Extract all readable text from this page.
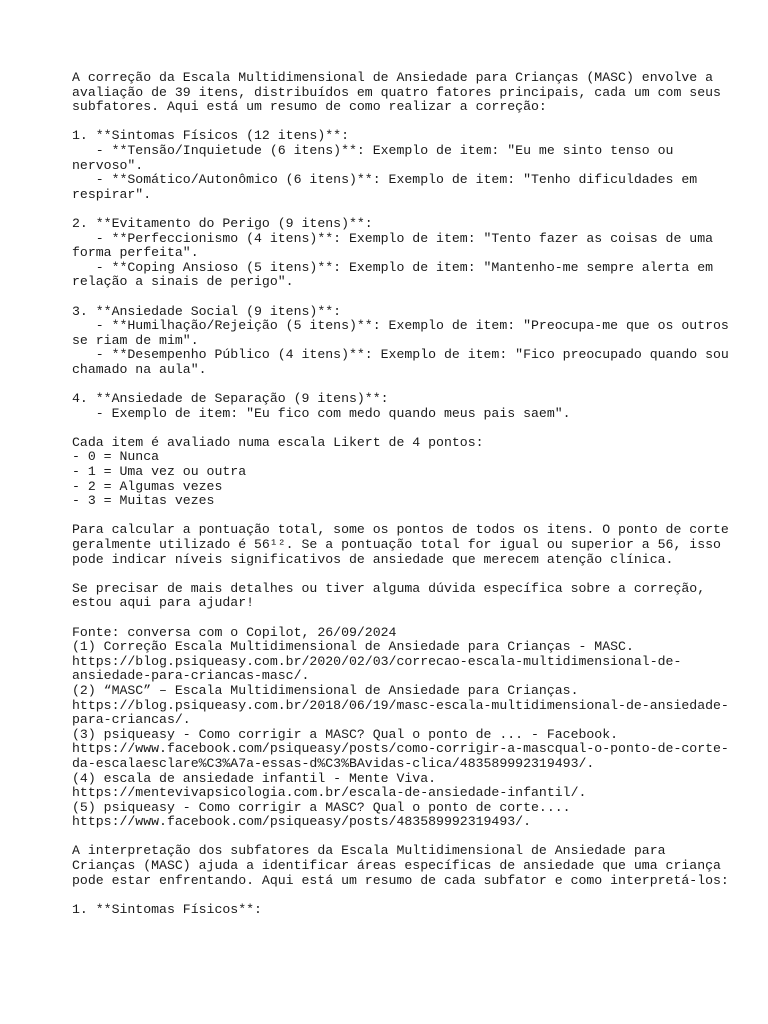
A correção da Escala Multidimensional de Ansiedade para Crianças (MASC) envolve a
avaliação de 39 itens, distribuídos em quatro fatores principais, cada um com seus
subfatores. Aqui está um resumo de como realizar a correção:
1. **Sintomas Físicos (12 itens)**:
- **Tensão/Inquietude (6 itens)**: Exemplo de item: "Eu me sinto tenso ou
nervoso".
- **Somático/Autonômico (6 itens)**: Exemplo de item: "Tenho dificuldades em
respirar".
2. **Evitamento do Perigo (9 itens)**:
- **Perfeccionismo (4 itens)**: Exemplo de item: "Tento fazer as coisas de uma
forma perfeita".
- **Coping Ansioso (5 itens)**: Exemplo de item: "Mantenho-me sempre alerta em
relação a sinais de perigo".
3. **Ansiedade Social (9 itens)**:
- **Humilhação/Rejeição (5 itens)**: Exemplo de item: "Preocupa-me que os outros
se riam de mim".
- **Desempenho Público (4 itens)**: Exemplo de item: "Fico preocupado quando sou
chamado na aula".
4. **Ansiedade de Separação (9 itens)**:
- Exemplo de item: "Eu fico com medo quando meus pais saem".
Cada item é avaliado numa escala Likert de 4 pontos:
- 0 = Nunca
- 1 = Uma vez ou outra
- 2 = Algumas vezes
- 3 = Muitas vezes
Para calcular a pontuação total, some os pontos de todos os itens. O ponto de corte
geralmente utilizado é 56¹². Se a pontuação total for igual ou superior a 56, isso
pode indicar níveis significativos de ansiedade que merecem atenção clínica.
Se precisar de mais detalhes ou tiver alguma dúvida específica sobre a correção,
estou aqui para ajudar!
Fonte: conversa com o Copilot, 26/09/2024
(1) Correção Escala Multidimensional de Ansiedade para Crianças - MASC.
https://blog.psiqueasy.com.br/2020/02/03/correcao-escala-multidimensional-de-
ansiedade-para-criancas-masc/.
(2) “MASC” – Escala Multidimensional de Ansiedade para Crianças.
https://blog.psiqueasy.com.br/2018/06/19/masc-escala-multidimensional-de-ansiedade-
para-criancas/.
(3) psiqueasy - Como corrigir a MASC? Qual o ponto de ... - Facebook.
https://www.facebook.com/psiqueasy/posts/como-corrigir-a-mascqual-o-ponto-de-corte-
da-escalaesclare%C3%A7a-essas-d%C3%BAvidas-clica/483589992319493/.
(4) escala de ansiedade infantil - Mente Viva.
https://mentevivapsicologia.com.br/escala-de-ansiedade-infantil/.
(5) psiqueasy - Como corrigir a MASC? Qual o ponto de corte....
https://www.facebook.com/psiqueasy/posts/483589992319493/.
A interpretação dos subfatores da Escala Multidimensional de Ansiedade para
Crianças (MASC) ajuda a identificar áreas específicas de ansiedade que uma criança
pode estar enfrentando. Aqui está um resumo de cada subfator e como interpretá-los:
1. **Sintomas Físicos**:
